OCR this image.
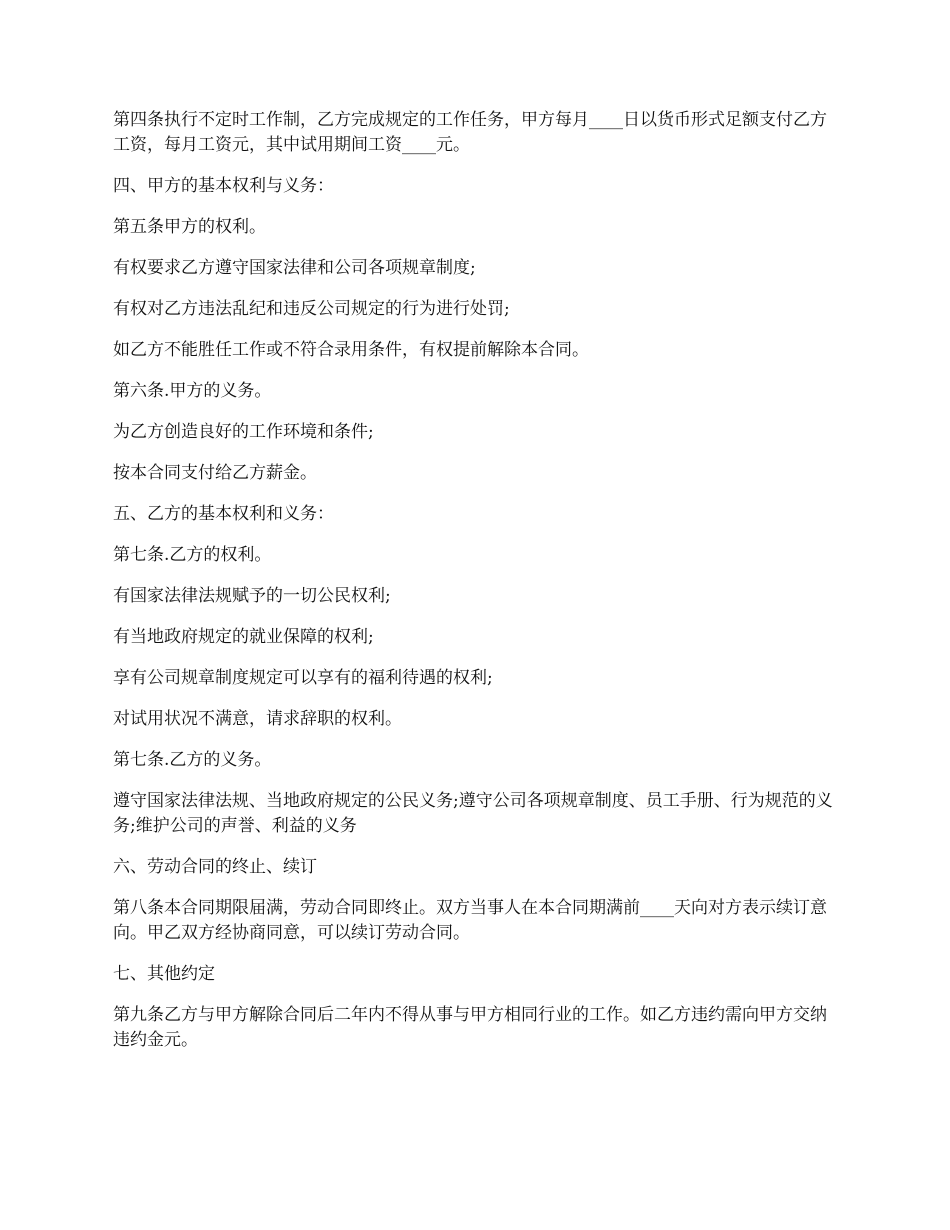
第四条执行不定时工作制，乙方完成规定的工作任务，甲方每月____日以货币形式足额支付乙方工资，每月工资元，其中试用期间工资____元。

四、甲方的基本权利与义务：

第五条甲方的权利。

有权要求乙方遵守国家法律和公司各项规章制度;

有权对乙方违法乱纪和违反公司规定的行为进行处罚;

如乙方不能胜任工作或不符合录用条件，有权提前解除本合同。

第六条.甲方的义务。

为乙方创造良好的工作环境和条件;

按本合同支付给乙方薪金。

五、乙方的基本权利和义务：

第七条.乙方的权利。

有国家法律法规赋予的一切公民权利;

有当地政府规定的就业保障的权利;

享有公司规章制度规定可以享有的福利待遇的权利;

对试用状况不满意，请求辞职的权利。

第七条.乙方的义务。

遵守国家法律法规、当地政府规定的公民义务;遵守公司各项规章制度、员工手册、行为规范的义务;维护公司的声誉、利益的义务

六、劳动合同的终止、续订

第八条本合同期限届满，劳动合同即终止。双方当事人在本合同期满前____天向对方表示续订意向。甲乙双方经协商同意，可以续订劳动合同。

七、其他约定

第九条乙方与甲方解除合同后二年内不得从事与甲方相同行业的工作。如乙方违约需向甲方交纳违约金元。
